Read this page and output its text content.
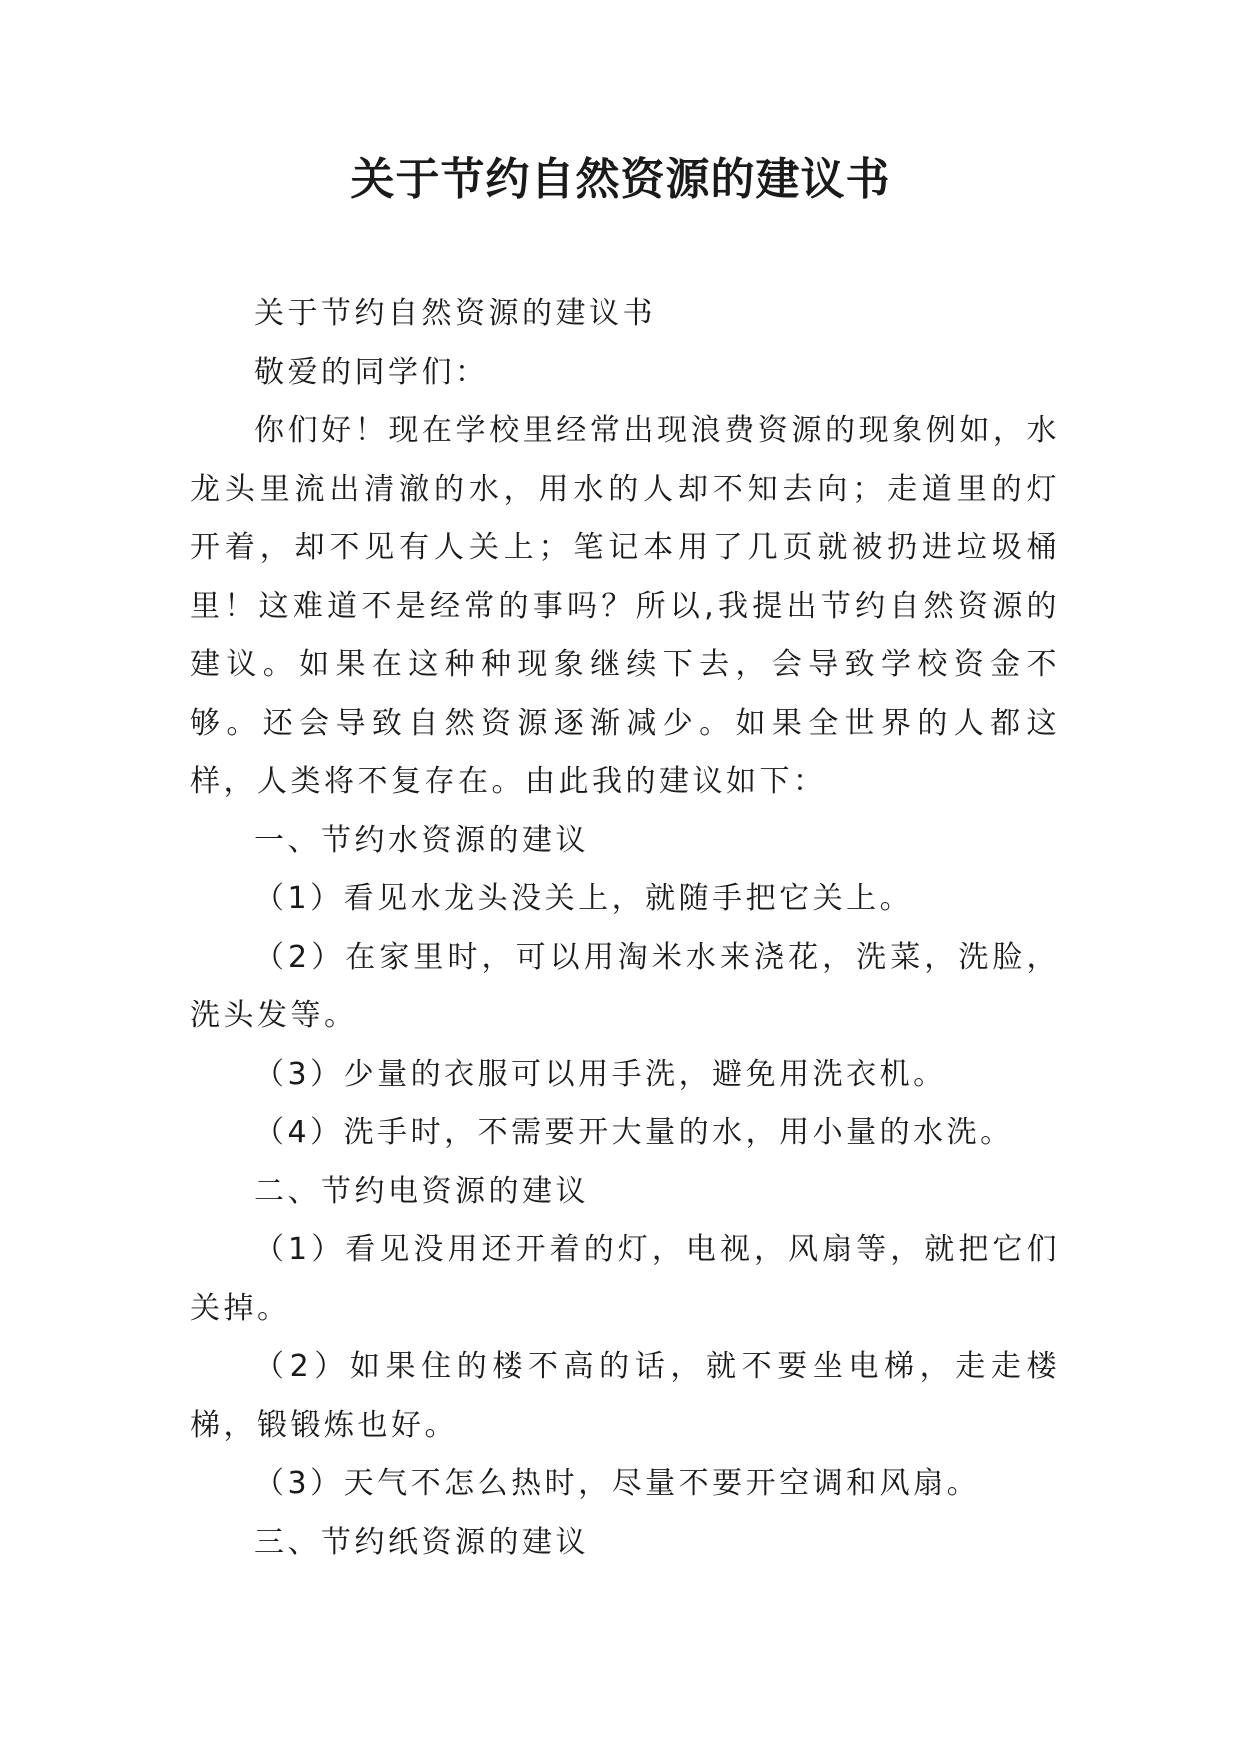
关于节约自然资源的建议书

关于节约自然资源的建议书

敬爱的同学们：

你们好！现在学校里经常出现浪费资源的现象例如，水龙头里流出清澈的水，用水的人却不知去向；走道里的灯开着，却不见有人关上；笔记本用了几页就被扔进垃圾桶里！这难道不是经常的事吗？所以,我提出节约自然资源的建议。如果在这种种现象继续下去，会导致学校资金不够。还会导致自然资源逐渐减少。如果全世界的人都这样，人类将不复存在。由此我的建议如下：

一、节约水资源的建议

（1）看见水龙头没关上，就随手把它关上。

（2）在家里时，可以用淘米水来浇花，洗菜，洗脸，洗头发等。

（3）少量的衣服可以用手洗，避免用洗衣机。

（4）洗手时，不需要开大量的水，用小量的水洗。

二、节约电资源的建议

（1）看见没用还开着的灯，电视，风扇等，就把它们关掉。

（2）如果住的楼不高的话，就不要坐电梯，走走楼梯，锻锻炼也好。

（3）天气不怎么热时，尽量不要开空调和风扇。

三、节约纸资源的建议
